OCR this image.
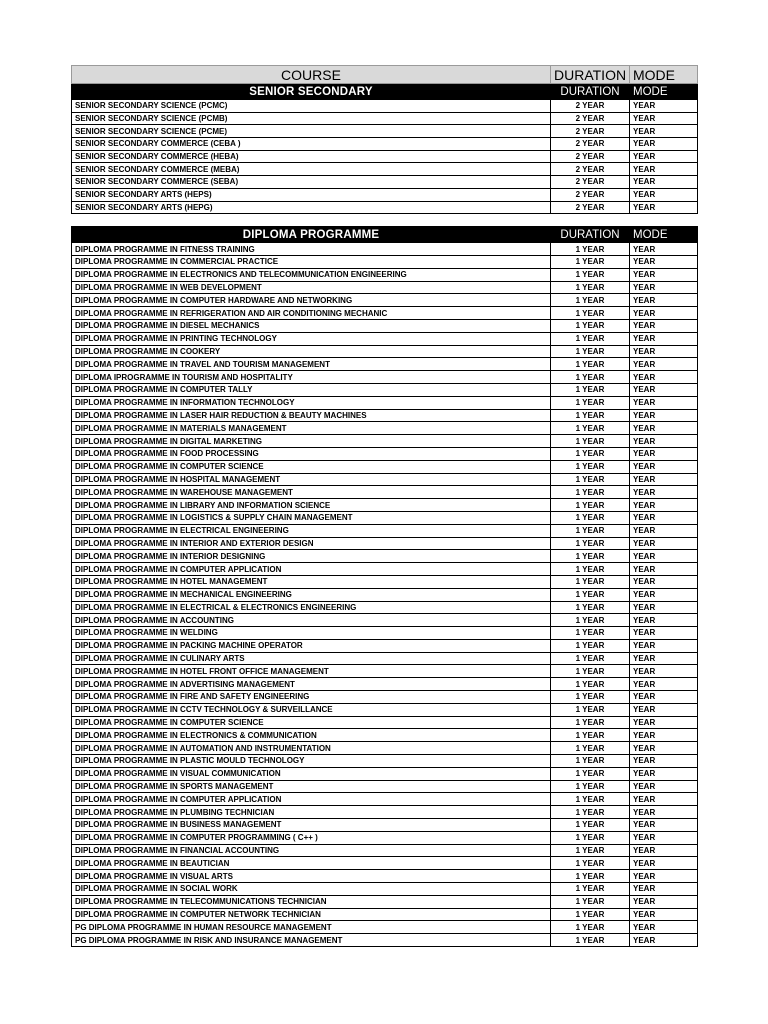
COURSE	DURATION	MODE
SENIOR SECONDARY	DURATION	MODE
SENIOR SECONDARY SCIENCE (PCMC)	2 YEAR	YEAR
SENIOR SECONDARY SCIENCE (PCMB)	2 YEAR	YEAR
SENIOR SECONDARY SCIENCE (PCME)	2 YEAR	YEAR
SENIOR SECONDARY COMMERCE (CEBA )	2 YEAR	YEAR
SENIOR SECONDARY COMMERCE (HEBA)	2 YEAR	YEAR
SENIOR SECONDARY COMMERCE (MEBA)	2 YEAR	YEAR
SENIOR SECONDARY COMMERCE (SEBA)	2 YEAR	YEAR
SENIOR SECONDARY ARTS (HEPS)	2 YEAR	YEAR
SENIOR SECONDARY ARTS (HEPG)	2 YEAR	YEAR
DIPLOMA PROGRAMME	DURATION	MODE
DIPLOMA PROGRAMME IN FITNESS TRAINING	1 YEAR	YEAR
DIPLOMA PROGRAMME IN COMMERCIAL PRACTICE	1 YEAR	YEAR
DIPLOMA PROGRAMME IN ELECTRONICS AND TELECOMMUNICATION ENGINEERING	1 YEAR	YEAR
DIPLOMA PROGRAMME IN WEB DEVELOPMENT	1 YEAR	YEAR
DIPLOMA PROGRAMME IN COMPUTER HARDWARE AND NETWORKING	1 YEAR	YEAR
DIPLOMA PROGRAMME IN REFRIGERATION AND AIR CONDITIONING MECHANIC	1 YEAR	YEAR
DIPLOMA PROGRAMME IN DIESEL MECHANICS	1 YEAR	YEAR
DIPLOMA PROGRAMME IN PRINTING TECHNOLOGY	1 YEAR	YEAR
DIPLOMA PROGRAMME IN COOKERY	1 YEAR	YEAR
DIPLOMA PROGRAMME IN TRAVEL AND TOURISM MANAGEMENT	1 YEAR	YEAR
DIPLOMA IPROGRAMME IN TOURISM AND HOSPITALITY	1 YEAR	YEAR
DIPLOMA PROGRAMME IN COMPUTER TALLY	1 YEAR	YEAR
DIPLOMA PROGRAMME IN INFORMATION TECHNOLOGY	1 YEAR	YEAR
DIPLOMA PROGRAMME IN LASER HAIR REDUCTION & BEAUTY MACHINES	1 YEAR	YEAR
DIPLOMA PROGRAMME IN MATERIALS MANAGEMENT	1 YEAR	YEAR
DIPLOMA PROGRAMME IN DIGITAL MARKETING	1 YEAR	YEAR
DIPLOMA PROGRAMME IN FOOD PROCESSING	1 YEAR	YEAR
DIPLOMA PROGRAMME IN COMPUTER SCIENCE	1 YEAR	YEAR
DIPLOMA PROGRAMME IN HOSPITAL MANAGEMENT	1 YEAR	YEAR
DIPLOMA PROGRAMME IN WAREHOUSE MANAGEMENT	1 YEAR	YEAR
DIPLOMA PROGRAMME IN LIBRARY AND INFORMATION SCIENCE	1 YEAR	YEAR
DIPLOMA PROGRAMME IN LOGISTICS & SUPPLY CHAIN MANAGEMENT	1 YEAR	YEAR
DIPLOMA PROGRAMME IN ELECTRICAL ENGINEERING	1 YEAR	YEAR
DIPLOMA PROGRAMME IN INTERIOR AND EXTERIOR DESIGN	1 YEAR	YEAR
DIPLOMA PROGRAMME IN INTERIOR DESIGNING	1 YEAR	YEAR
DIPLOMA PROGRAMME IN COMPUTER APPLICATION	1 YEAR	YEAR
DIPLOMA PROGRAMME IN HOTEL MANAGEMENT	1 YEAR	YEAR
DIPLOMA PROGRAMME IN MECHANICAL ENGINEERING	1 YEAR	YEAR
DIPLOMA PROGRAMME IN ELECTRICAL & ELECTRONICS ENGINEERING	1 YEAR	YEAR
DIPLOMA PROGRAMME IN ACCOUNTING	1 YEAR	YEAR
DIPLOMA PROGRAMME IN WELDING	1 YEAR	YEAR
DIPLOMA PROGRAMME IN PACKING MACHINE OPERATOR	1 YEAR	YEAR
DIPLOMA PROGRAMME IN CULINARY ARTS	1 YEAR	YEAR
DIPLOMA PROGRAMME IN HOTEL FRONT OFFICE MANAGEMENT	1 YEAR	YEAR
DIPLOMA PROGRAMME IN ADVERTISING MANAGEMENT	1 YEAR	YEAR
DIPLOMA PROGRAMME IN FIRE AND SAFETY ENGINEERING	1 YEAR	YEAR
DIPLOMA PROGRAMME IN CCTV TECHNOLOGY & SURVEILLANCE	1 YEAR	YEAR
DIPLOMA PROGRAMME IN COMPUTER SCIENCE	1 YEAR	YEAR
DIPLOMA PROGRAMME IN ELECTRONICS & COMMUNICATION	1 YEAR	YEAR
DIPLOMA PROGRAMME IN AUTOMATION AND INSTRUMENTATION	1 YEAR	YEAR
DIPLOMA PROGRAMME IN PLASTIC MOULD TECHNOLOGY	1 YEAR	YEAR
DIPLOMA PROGRAMME IN VISUAL COMMUNICATION	1 YEAR	YEAR
DIPLOMA PROGRAMME IN SPORTS MANAGEMENT	1 YEAR	YEAR
DIPLOMA PROGRAMME IN COMPUTER APPLICATION	1 YEAR	YEAR
DIPLOMA PROGRAMME IN PLUMBING TECHNICIAN	1 YEAR	YEAR
DIPLOMA PROGRAMME IN BUSINESS MANAGEMENT	1 YEAR	YEAR
DIPLOMA PROGRAMME IN COMPUTER PROGRAMMING ( C++ )	1 YEAR	YEAR
DIPLOMA PROGRAMME IN FINANCIAL ACCOUNTING	1 YEAR	YEAR
DIPLOMA PROGRAMME IN BEAUTICIAN	1 YEAR	YEAR
DIPLOMA PROGRAMME IN VISUAL ARTS	1 YEAR	YEAR
DIPLOMA PROGRAMME IN SOCIAL WORK	1 YEAR	YEAR
DIPLOMA PROGRAMME IN TELECOMMUNICATIONS TECHNICIAN	1 YEAR	YEAR
DIPLOMA PROGRAMME IN COMPUTER NETWORK TECHNICIAN	1 YEAR	YEAR
PG DIPLOMA PROGRAMME IN HUMAN RESOURCE MANAGEMENT	1 YEAR	YEAR
PG DIPLOMA PROGRAMME IN RISK AND INSURANCE MANAGEMENT	1 YEAR	YEAR
